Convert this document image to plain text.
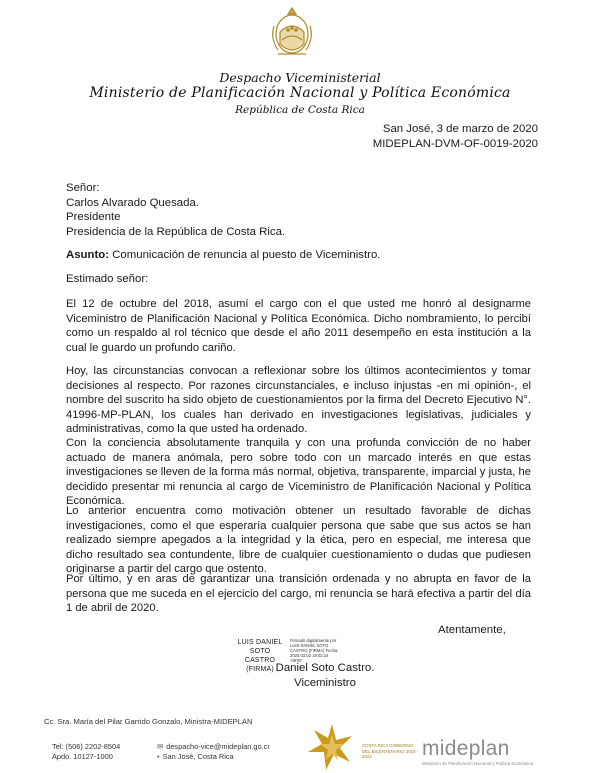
Despacho Viceministerial
Ministerio de Planificación Nacional y Política Económica
República de Costa Rica
San José, 3 de marzo de 2020
MIDEPLAN-DVM-OF-0019-2020
Señor:
Carlos Alvarado Quesada.
Presidente
Presidencia de la República de Costa Rica.
Asunto: Comunicación de renuncia al puesto de Viceministro.
Estimado señor:

El 12 de octubre del 2018, asumí el cargo con el que usted me honró al designarme Viceministro de Planificación Nacional y Política Económica. Dicho nombramiento, lo percibí como un respaldo al rol técnico que desde el año 2011 desempeño en esta institución a la cual le guardo un profundo cariño.

Hoy, las circunstancias convocan a reflexionar sobre los últimos acontecimientos y tomar decisiones al respecto. Por razones circunstanciales, e incluso injustas -en mi opinión-, el nombre del suscrito ha sido objeto de cuestionamientos por la firma del Decreto Ejecutivo N°. 41996-MP-PLAN, los cuales han derivado en investigaciones legislativas, judiciales y administrativas, como la que usted ha ordenado.

Con la conciencia absolutamente tranquila y con una profunda convicción de no haber actuado de manera anómala, pero sobre todo con un marcado interés en que estas investigaciones se lleven de la forma más normal, objetiva, transparente, imparcial y justa, he decidido presentar mi renuncia al cargo de Viceministro de Planificación Nacional y Política Económica.

Lo anterior encuentra como motivación obtener un resultado favorable de dichas investigaciones, como el que esperaría cualquier persona que sabe que sus actos se han realizado siempre apegados a la integridad y la ética, pero en especial, me interesa que dicho resultado sea contundente, libre de cualquier cuestionamiento o dudas que pudiesen originarse a partir del cargo que ostento.

Por último, y en aras de garantizar una transición ordenada y no abrupta en favor de la persona que me suceda en el ejercicio del cargo, mi renuncia se hará efectiva a partir del día 1 de abril de 2020.

Atentamente,
LUIS DANIEL SOTO
CASTRO (FIRMA)
Firmado digitalmente por LUIS DANIEL SOTO CASTRO (FIRMA) Fecha: 2020.03.03 19:02:24 -06'00'
Daniel Soto Castro.
Viceministro
Cc. Sra. María del Pilar Garrido Gonzalo, Ministra-MIDEPLAN
Tel: (506) 2202-8504
Apdo. 10127-1000
✉ despacho-vice@mideplan.go.cr
• San José, Costa Rica
COSTA RICA GOBIERNO DEL BICENTENARIO 2018 - 2022	mideplan
Ministerio de Planificación Nacional y Política Económica
